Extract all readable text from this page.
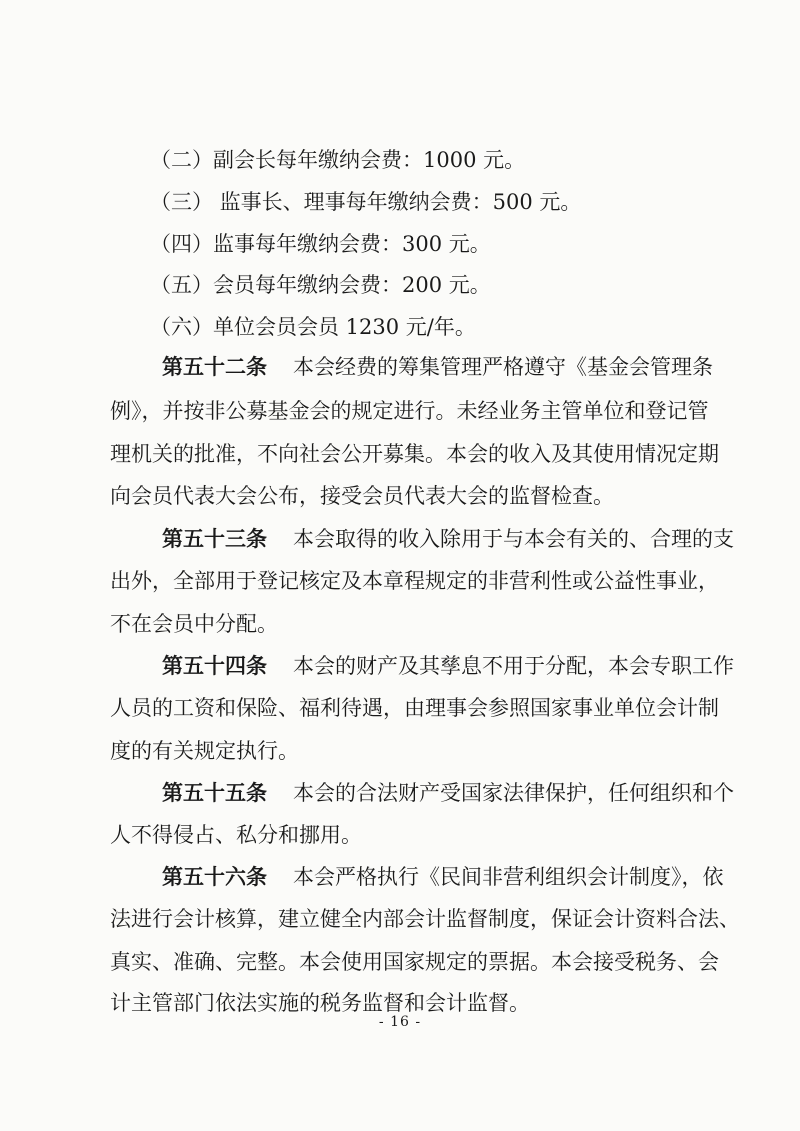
（二）副会长每年缴纳会费：1000 元。
（三） 监事长、理事每年缴纳会费：500 元。
（四）监事每年缴纳会费：300 元。
（五）会员每年缴纳会费：200 元。
（六）单位会员会员 1230 元/年。
第五十二条 本会经费的筹集管理严格遵守《基金会管理条
例》，并按非公募基金会的规定进行。未经业务主管单位和登记管
理机关的批准，不向社会公开募集。本会的收入及其使用情况定期
向会员代表大会公布，接受会员代表大会的监督检查。
第五十三条 本会取得的收入除用于与本会有关的、合理的支
出外，全部用于登记核定及本章程规定的非营利性或公益性事业，
不在会员中分配。
第五十四条 本会的财产及其孳息不用于分配，本会专职工作
人员的工资和保险、福利待遇，由理事会参照国家事业单位会计制
度的有关规定执行。
第五十五条 本会的合法财产受国家法律保护，任何组织和个
人不得侵占、私分和挪用。
第五十六条 本会严格执行《民间非营利组织会计制度》，依
法进行会计核算，建立健全内部会计监督制度，保证会计资料合法、
真实、准确、完整。本会使用国家规定的票据。本会接受税务、会
计主管部门依法实施的税务监督和会计监督。
- 16 -
